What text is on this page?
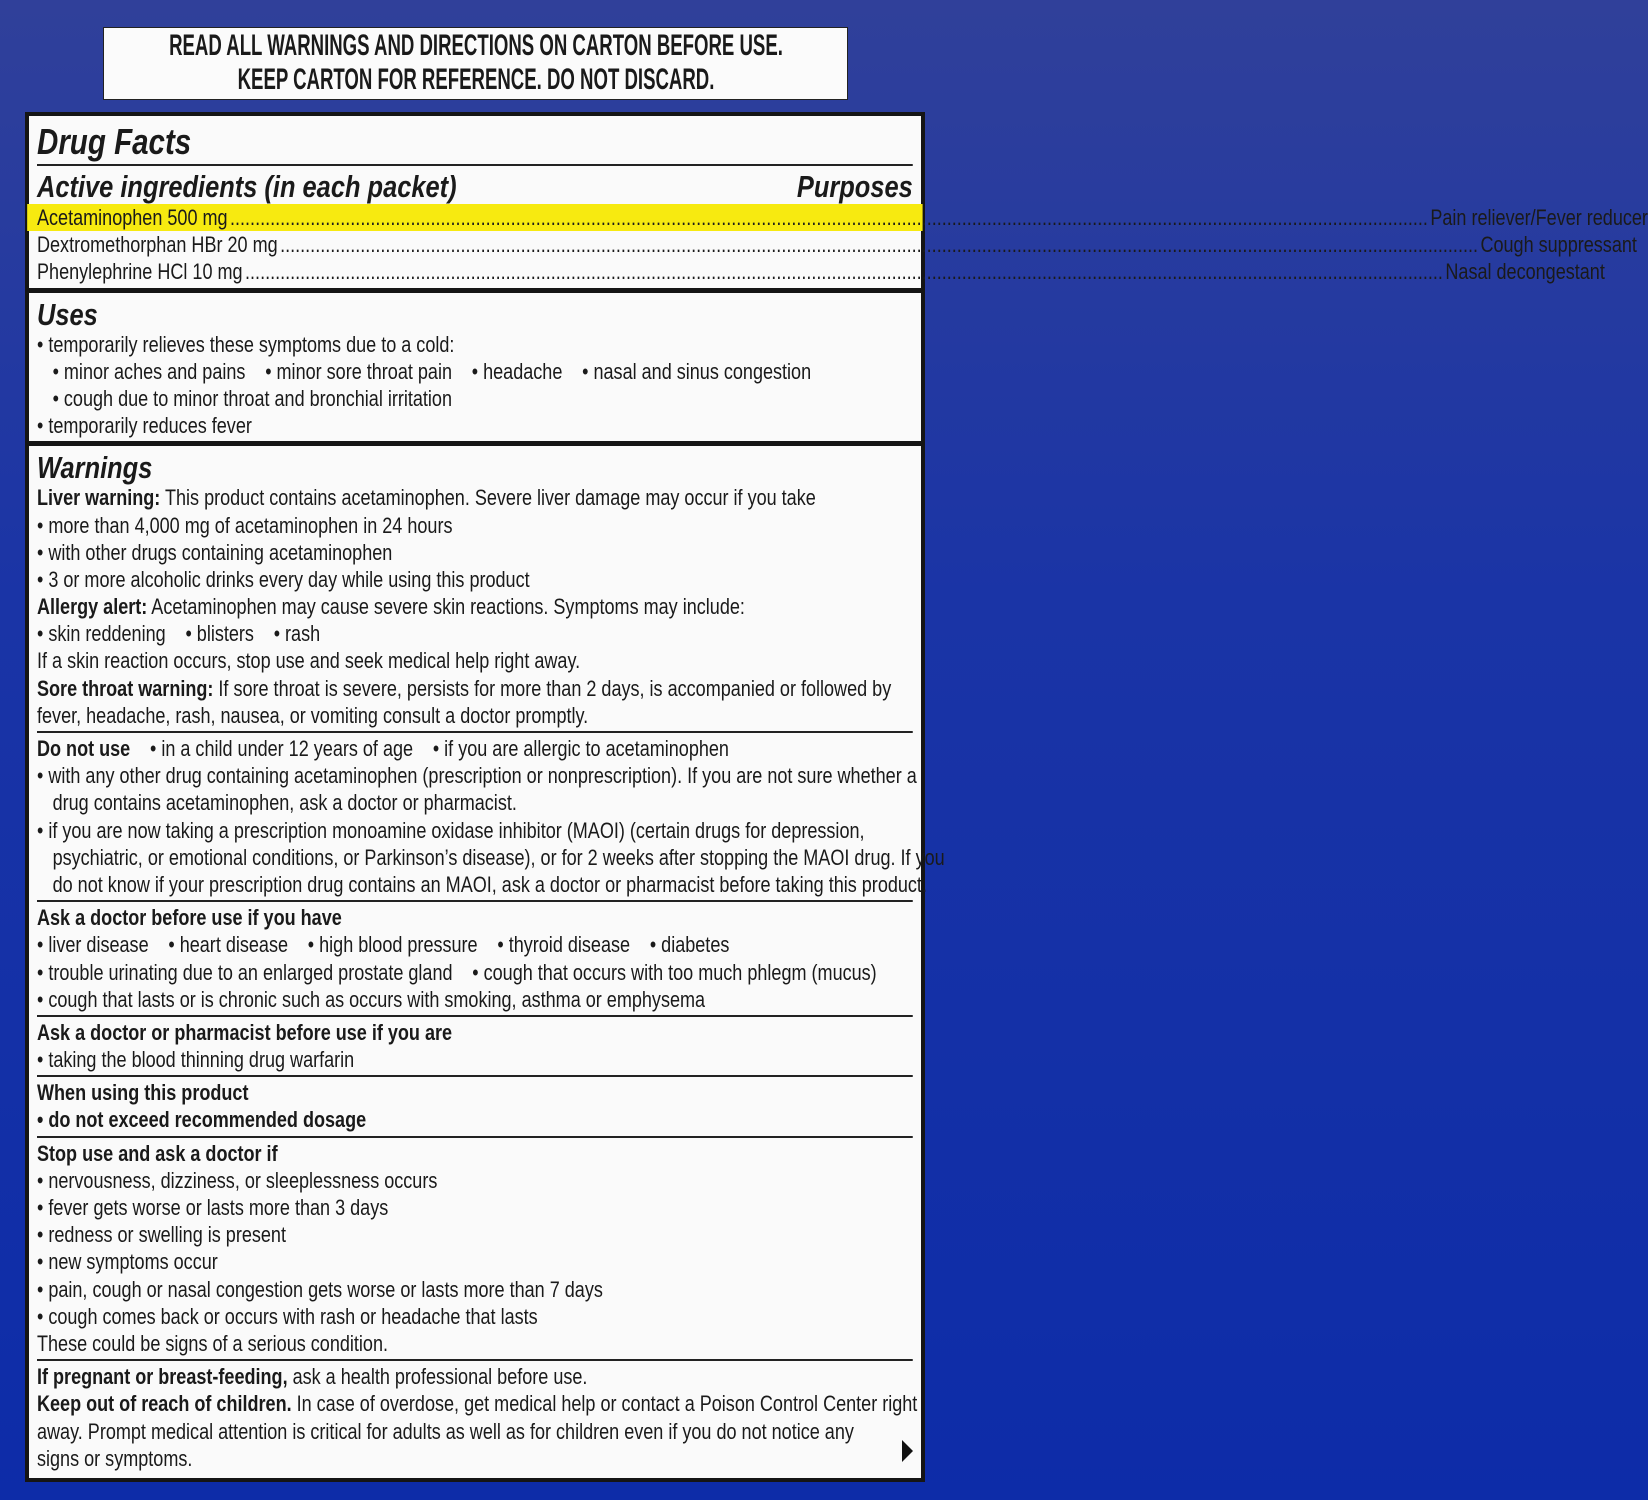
READ ALL WARNINGS AND DIRECTIONS ON CARTON BEFORE USE.
KEEP CARTON FOR REFERENCE. DO NOT DISCARD.
Drug Facts
Active ingredients (in each packet)	Purposes
Acetaminophen 500 mg ............................................................................................................................................................................................................................................... Pain reliever/Fever reducer
Dextromethorphan HBr 20 mg ............................................................................................................................................................................................................................................... Cough suppressant
Phenylephrine HCl 10 mg ............................................................................................................................................................................................................................................... Nasal decongestant
Uses
• temporarily relieves these symptoms due to a cold:
• minor aches and pains • minor sore throat pain • headache • nasal and sinus congestion
• cough due to minor throat and bronchial irritation
• temporarily reduces fever
Warnings
Liver warning: This product contains acetaminophen. Severe liver damage may occur if you take
• more than 4,000 mg of acetaminophen in 24 hours
• with other drugs containing acetaminophen
• 3 or more alcoholic drinks every day while using this product
Allergy alert: Acetaminophen may cause severe skin reactions. Symptoms may include:
• skin reddening • blisters • rash
If a skin reaction occurs, stop use and seek medical help right away.
Sore throat warning: If sore throat is severe, persists for more than 2 days, is accompanied or followed by
fever, headache, rash, nausea, or vomiting consult a doctor promptly.
Do not use • in a child under 12 years of age • if you are allergic to acetaminophen
• with any other drug containing acetaminophen (prescription or nonprescription). If you are not sure whether a
drug contains acetaminophen, ask a doctor or pharmacist.
• if you are now taking a prescription monoamine oxidase inhibitor (MAOI) (certain drugs for depression,
psychiatric, or emotional conditions, or Parkinson’s disease), or for 2 weeks after stopping the MAOI drug. If you
do not know if your prescription drug contains an MAOI, ask a doctor or pharmacist before taking this product.
Ask a doctor before use if you have
• liver disease • heart disease • high blood pressure • thyroid disease • diabetes
• trouble urinating due to an enlarged prostate gland • cough that occurs with too much phlegm (mucus)
• cough that lasts or is chronic such as occurs with smoking, asthma or emphysema
Ask a doctor or pharmacist before use if you are
• taking the blood thinning drug warfarin
When using this product
• do not exceed recommended dosage
Stop use and ask a doctor if
• nervousness, dizziness, or sleeplessness occurs
• fever gets worse or lasts more than 3 days
• redness or swelling is present
• new symptoms occur
• pain, cough or nasal congestion gets worse or lasts more than 7 days
• cough comes back or occurs with rash or headache that lasts
These could be signs of a serious condition.
If pregnant or breast-feeding, ask a health professional before use.
Keep out of reach of children. In case of overdose, get medical help or contact a Poison Control Center right
away. Prompt medical attention is critical for adults as well as for children even if you do not notice any
signs or symptoms.
